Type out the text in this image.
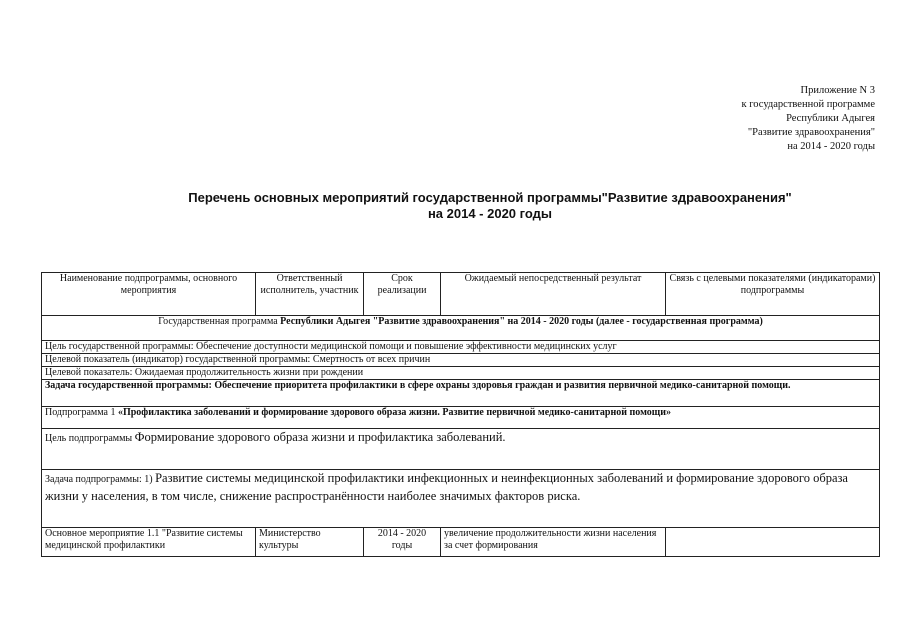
Приложение N 3
к государственной программе
Республики Адыгея
"Развитие здравоохранения"
на 2014 - 2020 годы
Перечень основных мероприятий государственной программы"Развитие здравоохранения"
на 2014 - 2020 годы
Наименование подпрограммы, основного мероприятия	Ответственный исполнитель, участник	Срок реализации	Ожидаемый непосредственный результат	Связь с целевыми показателями (индикаторами) подпрограммы
Государственная программа Республики Адыгея "Развитие здравоохранения" на 2014 - 2020 годы (далее - государственная программа)				
Цель государственной программы: Обеспечение доступности медицинской помощи и повышение эффективности медицинских услуг				
Целевой показатель (индикатор) государственной программы: Смертность от всех причин				
Целевой показатель: Ожидаемая продолжительность жизни при рождении				
Задача государственной программы: Обеспечение приоритета профилактики в сфере охраны здоровья граждан и развития первичной медико-санитарной помощи.				
Подпрограмма 1 «Профилактика заболеваний и формирование здорового образа жизни. Развитие первичной медико-санитарной помощи»				
Цель подпрограммы Формирование здорового образа жизни и профилактика заболеваний.				
Задача подпрограммы: 1) Развитие системы медицинской профилактики инфекционных и неинфекционных заболеваний и формирование здорового образа жизни у населения, в том числе, снижение распространённости наиболее значимых факторов риска.				
Основное мероприятие 1.1 "Развитие системы медицинской профилактики	Министерство культуры	2014 - 2020 годы	увеличение продолжительности жизни населения за счет формирования	
